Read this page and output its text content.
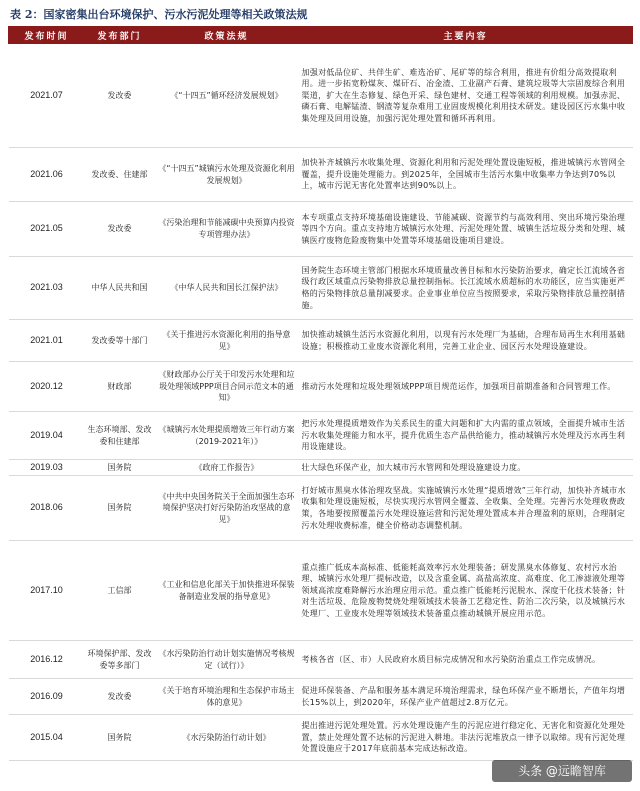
表 2：国家密集出台环境保护、污水污泥处理等相关政策法规
发布时间	发布部门	政策法规	主要内容
2021.07	发改委	《“十四五”循环经济发展规划》	加强对低品位矿、共伴生矿、难选冶矿、尾矿等的综合利用，推进有价组分高效提取利用。进一步拓宽粉煤灰、煤矸石、冶金渣、工业副产石膏、建筑垃圾等大宗固废综合利用渠道，扩大在生态修复、绿色开采、绿色建材、交通工程等领域的利用规模。加强赤泥、磷石膏、电解锰渣、钢渣等复杂难用工业固废规模化利用技术研发。建设园区污水集中收集处理及回用设施，加强污泥处理处置和循环再利用。
2021.06	发改委、住建部	《“十四五”城镇污水处理及资源化利用发展规划》	加快补齐城镇污水收集处理、资源化利用和污泥处理处置设施短板，推进城镇污水管网全覆盖，提升设施处理能力。到2025年，全国城市生活污水集中收集率力争达到70%以上，城市污泥无害化处置率达到90%以上。
2021.05	发改委	《污染治理和节能减碳中央预算内投资专项管理办法》	本专项重点支持环境基础设施建设、节能减碳、资源节约与高效利用、突出环境污染治理等四个方向。重点支持地方城镇污水处理、污泥处理处置、城镇生活垃圾分类和处理、城镇医疗废物危险废物集中处置等环境基础设施项目建设。
2021.03	中华人民共和国	《中华人民共和国长江保护法》	国务院生态环境主管部门根据水环境质量改善目标和水污染防治要求，确定长江流域各省级行政区域重点污染物排放总量控制指标。长江流域水质超标的水功能区，应当实施更严格的污染物排放总量削减要求。企业事业单位应当按照要求，采取污染物排放总量控制措施。
2021.01	发改委等十部门	《关于推进污水资源化利用的指导意见》	加快推动城镇生活污水资源化利用，以现有污水处理厂为基础，合理布局再生水利用基础设施；积极推动工业废水资源化利用，完善工业企业、园区污水处理设施建设。
2020.12	财政部	《财政部办公厅关于印发污水处理和垃圾处理领域PPP项目合同示范文本的通知》	推动污水处理和垃圾处理领域PPP项目规范运作，加强项目前期准备和合同管理工作。
2019.04	生态环境部、发改委和住建部	《城镇污水处理提质增效三年行动方案（2019-2021年）》	把污水处理提质增效作为关系民生的重大问题和扩大内需的重点领域，全面提升城市生活污水收集处理能力和水平，提升优质生态产品供给能力，推动城镇污水处理及污水再生利用设施建设。
2019.03	国务院	《政府工作报告》	壮大绿色环保产业，加大城市污水管网和处理设施建设力度。
2018.06	国务院	《中共中央国务院关于全面加强生态环境保护坚决打好污染防治攻坚战的意见》	打好城市黑臭水体治理攻坚战。实施城镇污水处理“提质增效”三年行动，加快补齐城市水收集和处理设施短板，尽快实现污水管网全覆盖、全收集、全处理。完善污水处理收费政策，各地要按照覆盖污水处理设施运营和污泥处理处置成本并合理盈利的原则，合理制定污水处理收费标准，健全价格动态调整机制。
2017.10	工信部	《工业和信息化部关于加快推进环保装备制造业发展的指导意见》	重点推广低成本高标准、低能耗高效率污水处理装备；研发黑臭水体修复、农村污水治理、城镇污水处理厂提标改造，以及含重金属、高盐高浓度、高难度、化工渗滤液处理等领域高浓度难降解污水治理应用示范。重点推广低能耗污泥脱水、深度干化技术装备；针对生活垃圾、危险废物焚烧处理领域技术装备工艺稳定性、防治二次污染，以及城镇污水处理厂、工业废水处理等领域技术装备重点推动城镇开展应用示范。
2016.12	环境保护部、发改委等多部门	《水污染防治行动计划实施情况考核规定（试行）》	考核各省（区、市）人民政府水质目标完成情况和水污染防治重点工作完成情况。
2016.09	发改委	《关于培育环境治理和生态保护市场主体的意见》	促进环保装备、产品和服务基本满足环境治理需求，绿色环保产业不断增长，产值年均增长15%以上，到2020年，环保产业产值超过2.8万亿元。
2015.04	国务院	《水污染防治行动计划》	提出推进污泥处理处置。污水处理设施产生的污泥应进行稳定化、无害化和资源化处理处置，禁止处理处置不达标的污泥进入耕地。非法污泥堆放点一律予以取缔。现有污泥处理处置设施应于2017年底前基本完成达标改造。
头条 @远瞻智库
